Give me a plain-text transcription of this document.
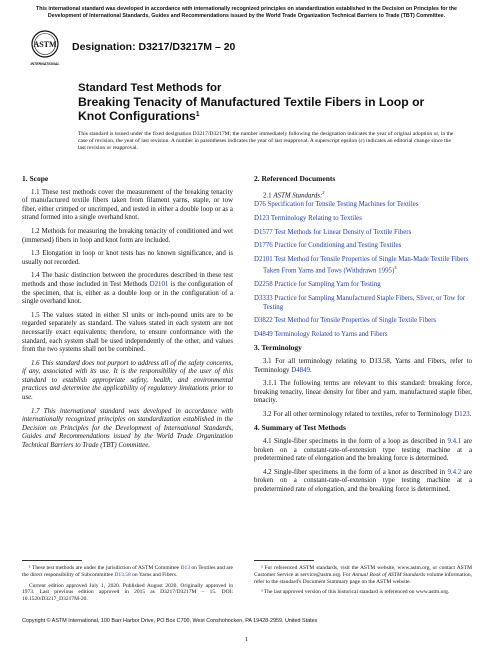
This international standard was developed in accordance with internationally recognized principles on standardization established in the Decision on Principles for the Development of International Standards, Guides and Recommendations issued by the World Trade Organization Technical Barriers to Trade (TBT) Committee.
ASTM
INTERNATIONAL
Designation: D3217/D3217M – 20
Standard Test Methods for
Breaking Tenacity of Manufactured Textile Fibers in Loop or Knot Configurations$^1$
This standard is issued under the fixed designation D3217/D3217M; the number immediately following the designation indicates the year of original adoption or, in the case of revision, the year of last revision. A number in parentheses indicates the year of last reapproval. A superscript epsilon (ε) indicates an editorial change since the last revision or reapproval.
1. Scope

1.1 These test methods cover the measurement of the breaking tenacity of manufactured textile fibers taken from filament yarns, staple, or tow fiber, either crimped or uncrimped, and tested in either a double loop or as a strand formed into a single overhand knot.

1.2 Methods for measuring the breaking tenacity of conditioned and wet (immersed) fibers in loop and knot form are included.

1.3 Elongation in loop or knot tests has no known significance, and is usually not recorded.

1.4 The basic distinction between the procedures described in these test methods and those included in Test Methods D2101 is the configuration of the specimen, that is, either as a double loop or in the configuration of a single overhand knot.

1.5 The values stated in either SI units or inch-pound units are to be regarded separately as standard. The values stated in each system are not necessarily exact equivalents; therefore, to ensure conformance with the standard, each system shall be used independently of the other, and values from the two systems shall not be combined.

1.6 This standard does not purport to address all of the safety concerns, if any, associated with its use. It is the responsibility of the user of this standard to establish appropriate safety, health, and environmental practices and determine the applicability of regulatory limitations prior to use.

1.7 This international standard was developed in accordance with internationally recognized principles on standardization established in the Decision on Principles for the Development of International Standards, Guides and Recommendations issued by the World Trade Organization Technical Barriers to Trade (TBT) Committee.

2. Referenced Documents

2.1 ASTM Standards:$^2$

D76 Specification for Tensile Testing Machines for Textiles

D123 Terminology Relating to Textiles

D1577 Test Methods for Linear Density of Textile Fibers

D1776 Practice for Conditioning and Testing Textiles

D2101 Test Method for Tensile Properties of Single Man-Made Textile Fibers Taken From Yarns and Tows (Withdrawn 1995)$^3$

D2258 Practice for Sampling Yarn for Testing

D3333 Practice for Sampling Manufactured Staple Fibers, Sliver, or Tow for Testing

D3822 Test Method for Tensile Properties of Single Textile Fibers

D4849 Terminology Related to Yarns and Fibers

3. Terminology

3.1 For all terminology relating to D13.58, Yarns and Fibers, refer to Terminology D4849.

3.1.1 The following terms are relevant to this standard: breaking force, breaking tenacity, linear density for fiber and yarn, manufactured staple fiber, tenacity.

3.2 For all other terminology related to textiles, refer to Terminology D123.

4. Summary of Test Methods

4.1 Single-fiber specimens in the form of a loop as described in 9.4.1 are broken on a constant-rate-of-extension type testing machine at a predetermined rate of elongation and the breaking force is determined.

4.2 Single-fiber specimens in the form of a knot as described in 9.4.2 are broken on a constant-rate-of-extension type testing machine at a predetermined rate of elongation, and the breaking force is determined.

¹ These test methods are under the jurisdiction of ASTM Committee D13 on Textiles and are the direct responsibility of Subcommittee D13.58 on Yarns and Fibers.

Current edition approved July 1, 2020. Published August 2020. Originally approved in 1973. Last previous edition approved in 2015 as D3217/D3217M – 15. DOI: 10.1520/D3217_D3217M-20.

² For referenced ASTM standards, visit the ASTM website, www.astm.org, or contact ASTM Customer Service at service@astm.org. For Annual Book of ASTM Standards volume information, refer to the standard's Document Summary page on the ASTM website.

³ The last approved version of this historical standard is referenced on www.astm.org.

Copyright © ASTM International, 100 Barr Harbor Drive, PO Box C700, West Conshohocken, PA 19428-2959. United States
1
